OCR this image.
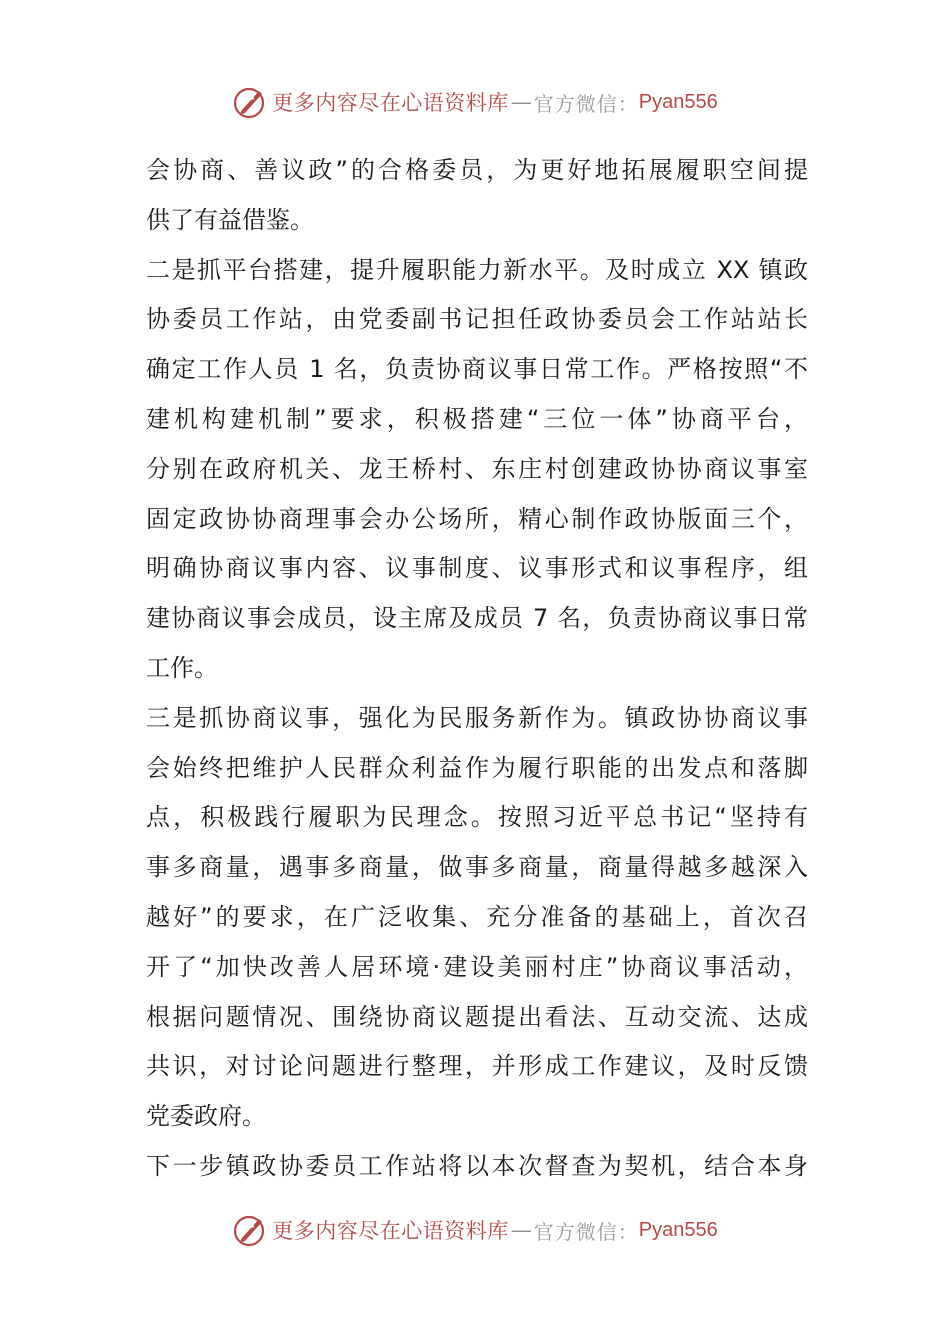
更多内容尽在心语资料库 — 官方微信： Pyan556
会协商、善议政”的合格委员，为更好地拓展履职空间提
供了有益借鉴。
二是抓平台搭建，提升履职能力新水平。及时成立 XX 镇政
协委员工作站，由党委副书记担任政协委员会工作站站长
确定工作人员 1 名，负责协商议事日常工作。严格按照“不
建机构建机制”要求，积极搭建“三位一体”协商平台，
分别在政府机关、龙王桥村、东庄村创建政协协商议事室
固定政协协商理事会办公场所，精心制作政协版面三个，
明确协商议事内容、议事制度、议事形式和议事程序，组
建协商议事会成员，设主席及成员 7 名，负责协商议事日常
工作。
三是抓协商议事，强化为民服务新作为。镇政协协商议事
会始终把维护人民群众利益作为履行职能的出发点和落脚
点，积极践行履职为民理念。按照习近平总书记“坚持有
事多商量，遇事多商量，做事多商量，商量得越多越深入
越好”的要求，在广泛收集、充分准备的基础上，首次召
开了“加快改善人居环境·建设美丽村庄”协商议事活动，
根据问题情况、围绕协商议题提出看法、互动交流、达成
共识，对讨论问题进行整理，并形成工作建议，及时反馈
党委政府。
下一步镇政协委员工作站将以本次督查为契机，结合本身
更多内容尽在心语资料库 — 官方微信： Pyan556
